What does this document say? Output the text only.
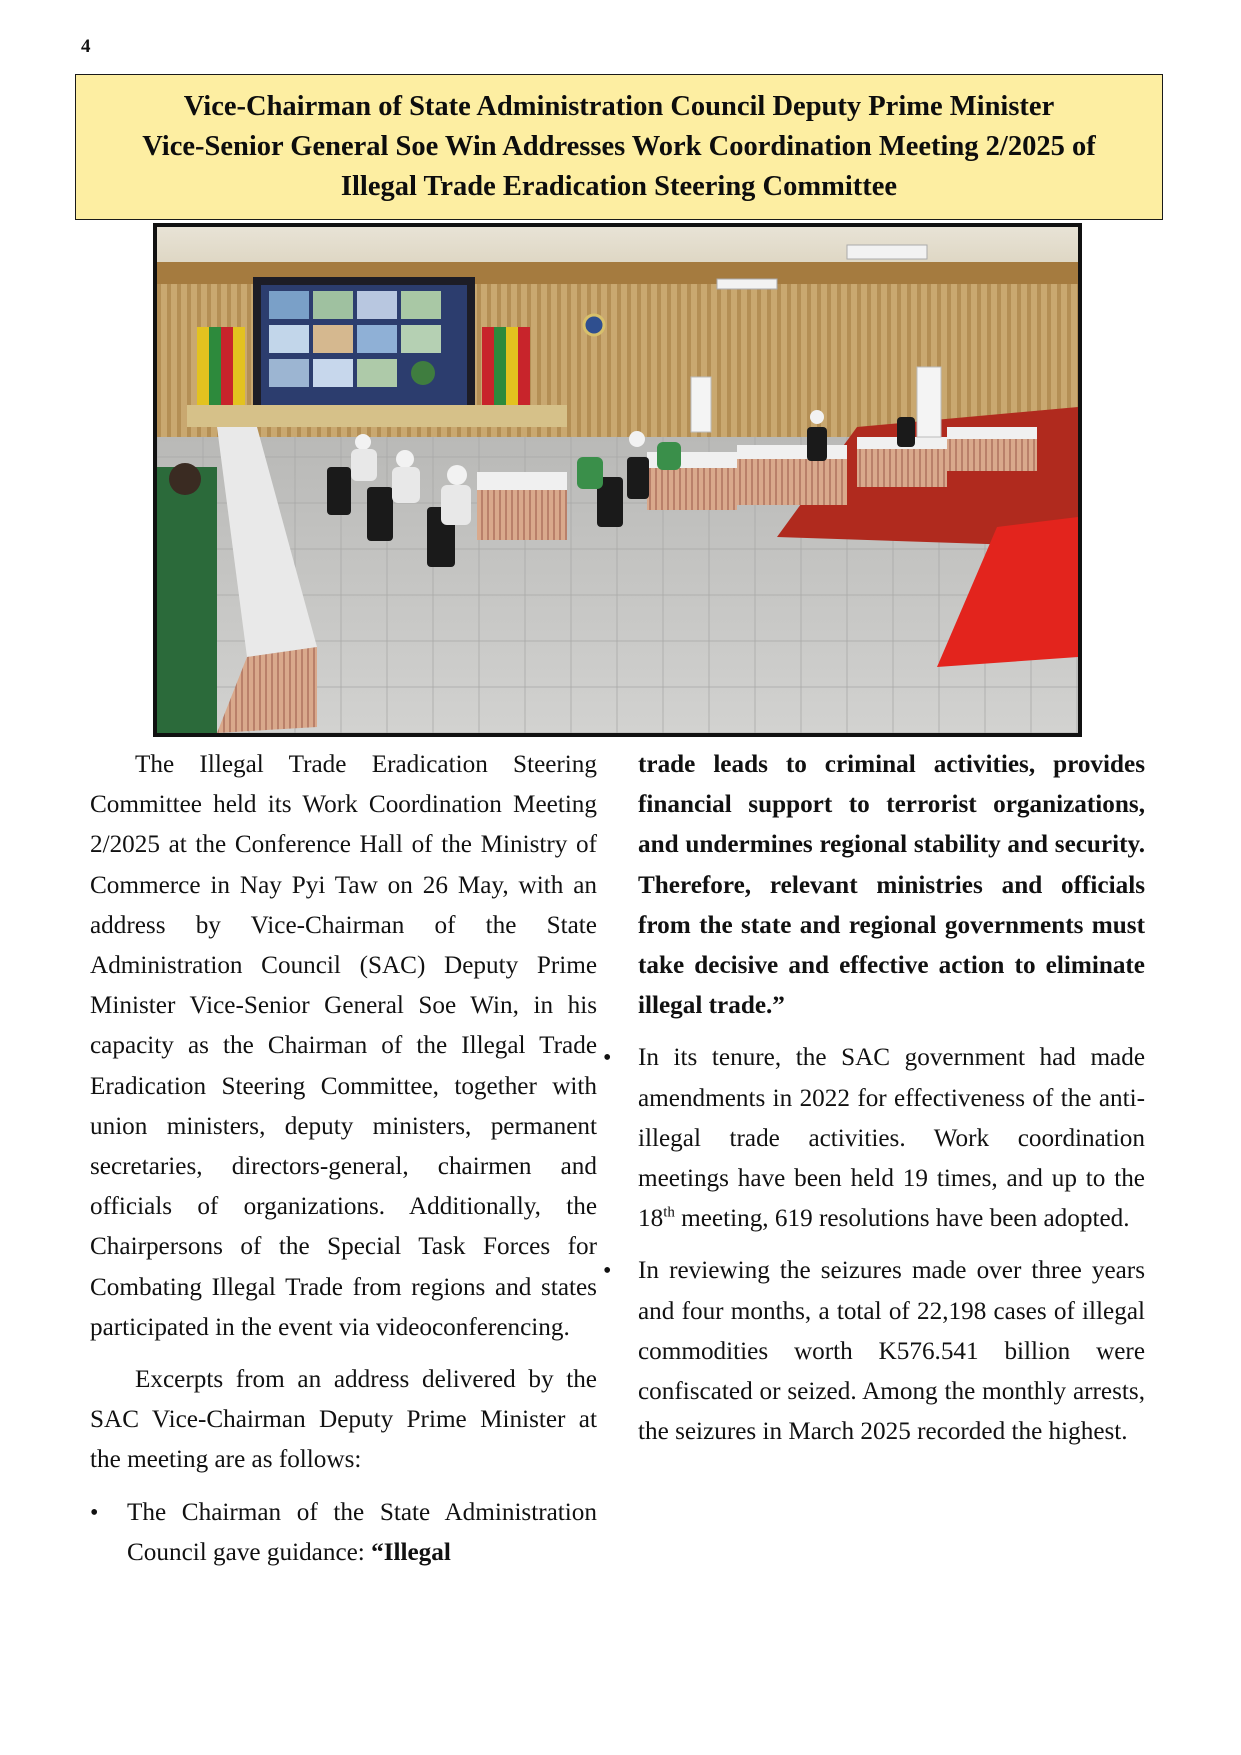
4
Vice-Chairman of State Administration Council Deputy Prime Minister
Vice-Senior General Soe Win Addresses Work Coordination Meeting 2/2025 of
Illegal Trade Eradication Steering Committee

The Illegal Trade Eradication Steering Committee held its Work Coordination Meeting 2/2025 at the Conference Hall of the Ministry of Commerce in Nay Pyi Taw on 26 May, with an address by Vice-Chairman of the State Administration Council (SAC) Deputy Prime Minister Vice-Senior General Soe Win, in his capacity as the Chairman of the Illegal Trade Eradication Steering Committee, together with union ministers, deputy ministers, permanent secretaries, directors-general, chairmen and officials of organizations. Additionally, the Chairpersons of the Special Task Forces for Combating Illegal Trade from regions and states participated in the event via videoconferencing.

Excerpts from an address delivered by the SAC Vice-Chairman Deputy Prime Minister at the meeting are as follows:

• The Chairman of the State Administration Council gave guidance: “Illegal

trade leads to criminal activities, provides financial support to terrorist organizations, and undermines regional stability and security. Therefore, relevant ministries and officials from the state and regional governments must take decisive and effective action to eliminate illegal trade.”

• In its tenure, the SAC government had made amendments in 2022 for effectiveness of the anti-illegal trade activities. Work coordination meetings have been held 19 times, and up to the 18th meeting, 619 resolutions have been adopted.

• In reviewing the seizures made over three years and four months, a total of 22,198 cases of illegal commodities worth K576.541 billion were confiscated or seized. Among the monthly arrests, the seizures in March 2025 recorded the highest.
